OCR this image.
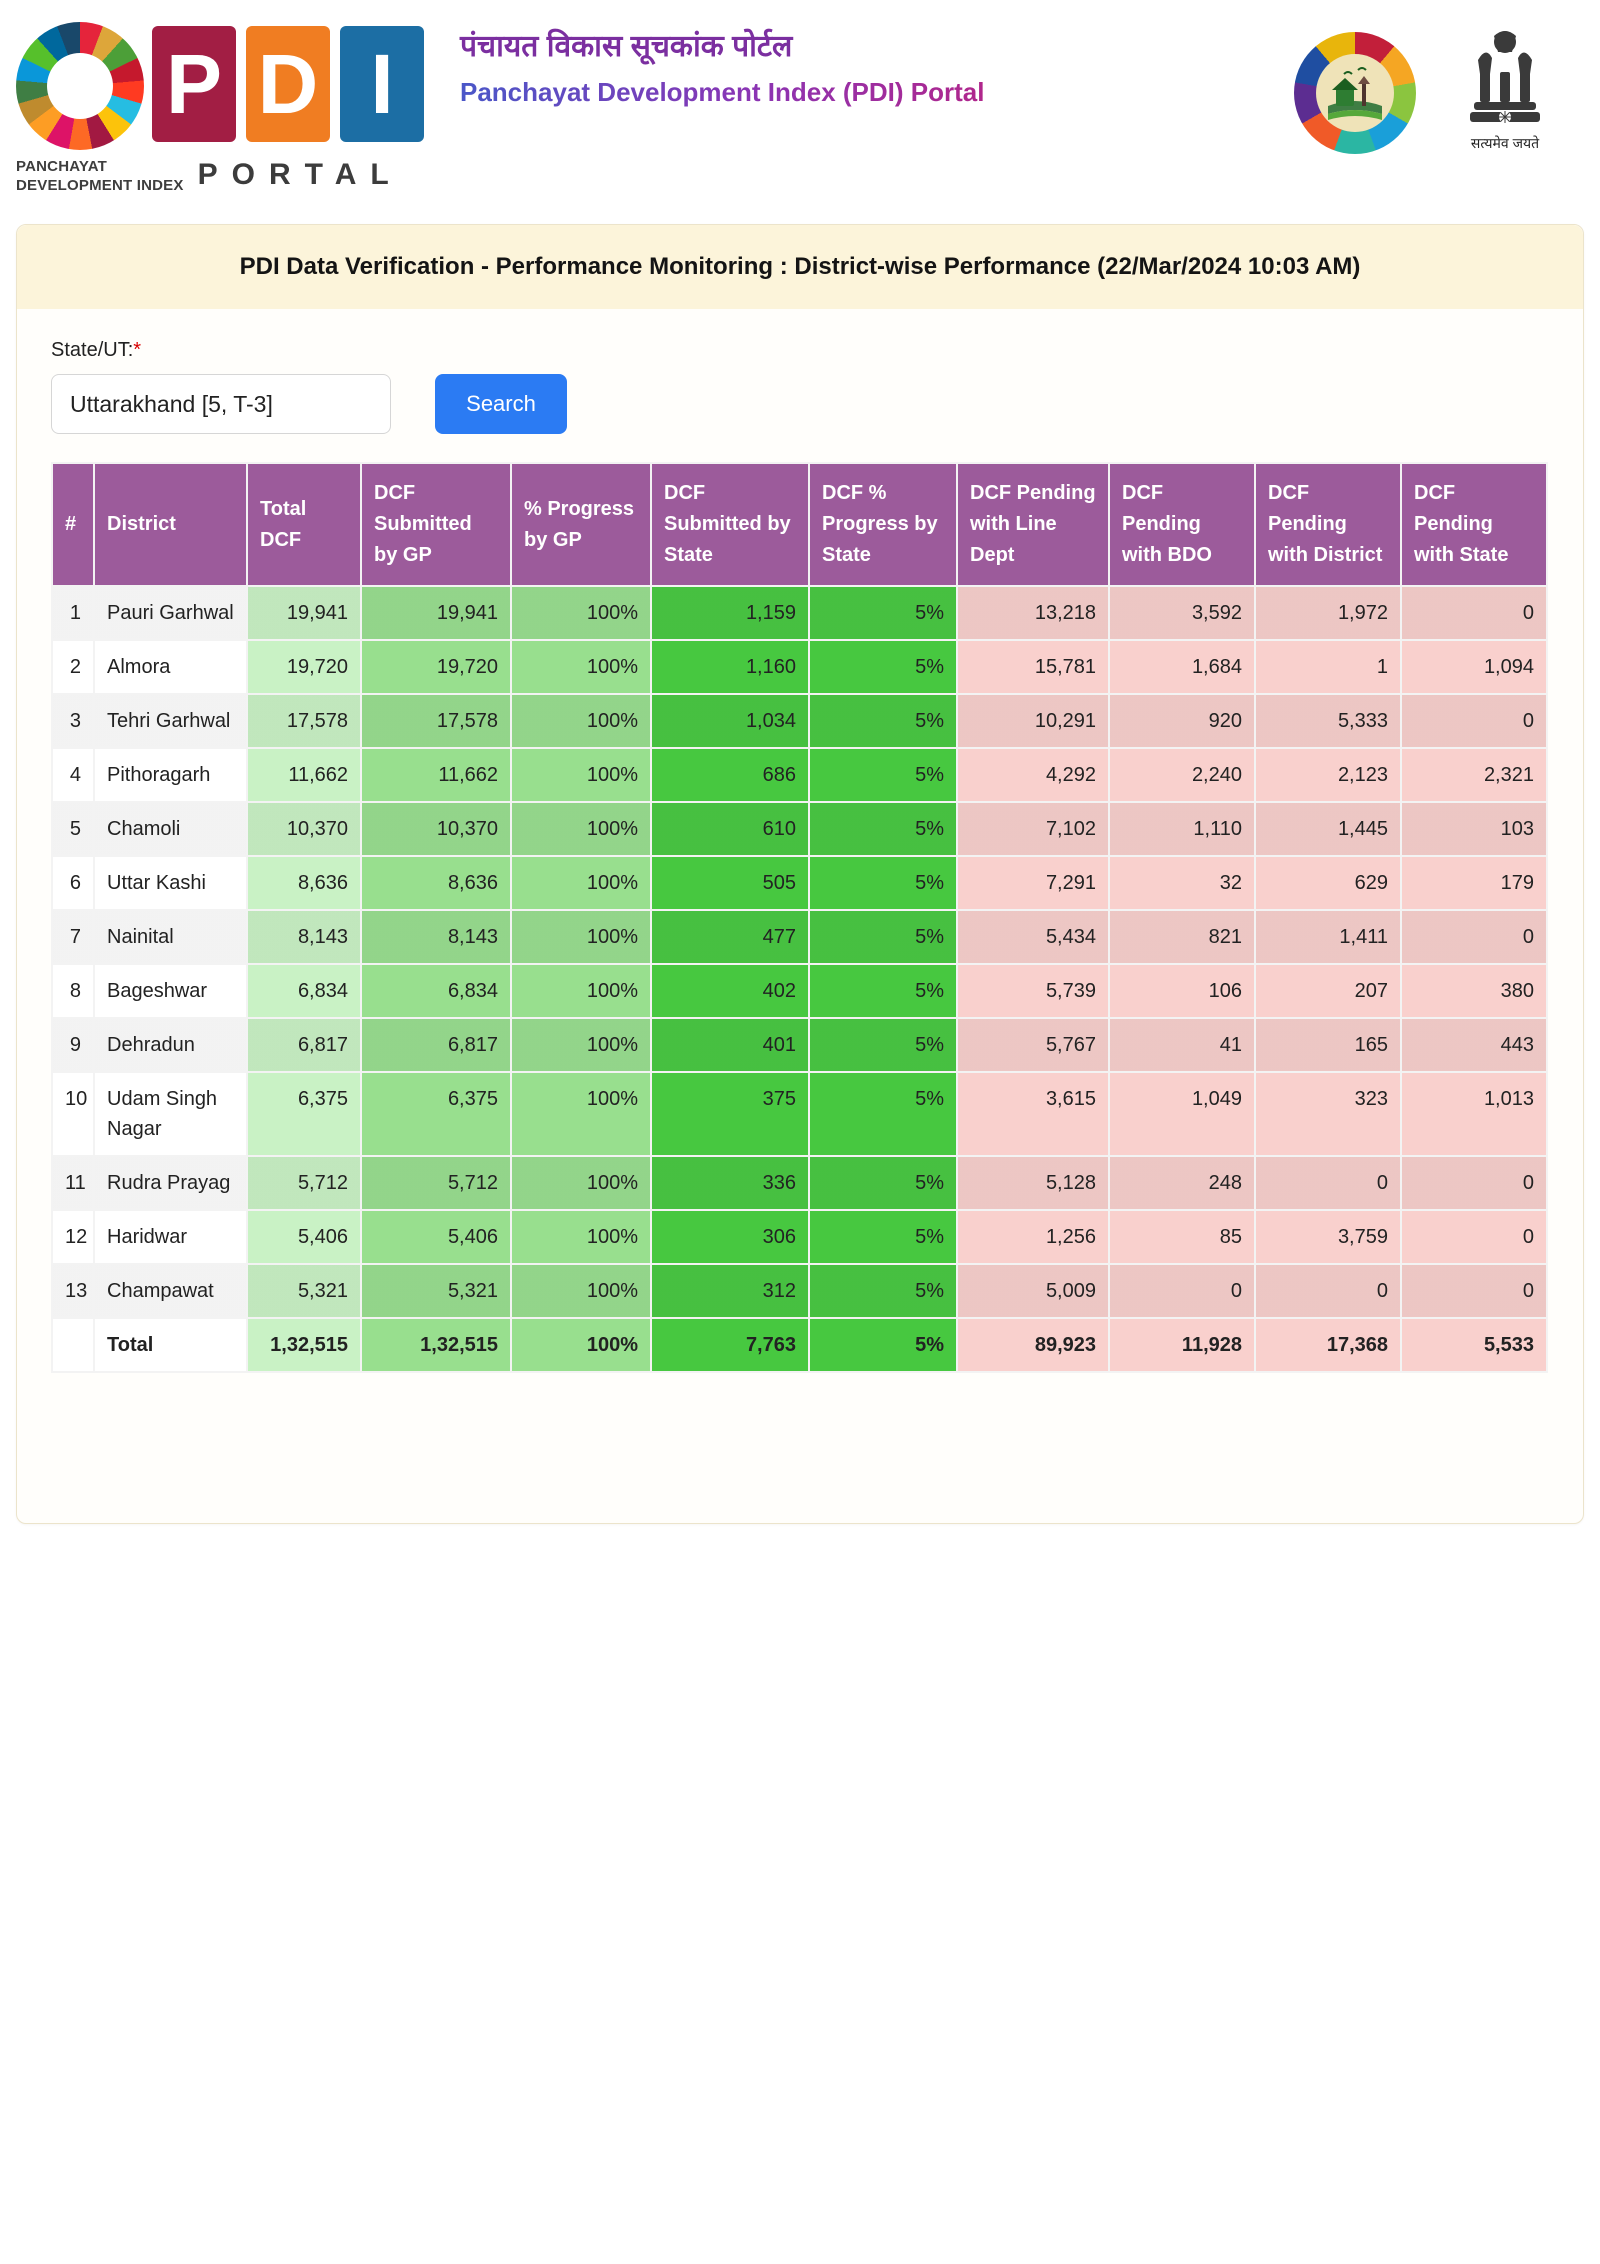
P D I
PANCHAYAT
DEVELOPMENT INDEX PORTAL
पंचायत विकास सूचकांक पोर्टल
Panchayat Development Index (PDI) Portal
सत्यमेव जयते
PDI Data Verification - Performance Monitoring : District-wise Performance (22/Mar/2024 10:03 AM)
State/UT:*
Uttarakhand [5, T-3]
Search
#	District	Total DCF	DCF Submitted by GP	% Progress by GP	DCF Submitted by State	DCF % Progress by State	DCF Pending with Line Dept	DCF Pending with BDO	DCF Pending with District	DCF Pending with State
1	Pauri Garhwal	19,941	19,941	100%	1,159	5%	13,218	3,592	1,972	0
2	Almora	19,720	19,720	100%	1,160	5%	15,781	1,684	1	1,094
3	Tehri Garhwal	17,578	17,578	100%	1,034	5%	10,291	920	5,333	0
4	Pithoragarh	11,662	11,662	100%	686	5%	4,292	2,240	2,123	2,321
5	Chamoli	10,370	10,370	100%	610	5%	7,102	1,110	1,445	103
6	Uttar Kashi	8,636	8,636	100%	505	5%	7,291	32	629	179
7	Nainital	8,143	8,143	100%	477	5%	5,434	821	1,411	0
8	Bageshwar	6,834	6,834	100%	402	5%	5,739	106	207	380
9	Dehradun	6,817	6,817	100%	401	5%	5,767	41	165	443
10	Udam Singh Nagar	6,375	6,375	100%	375	5%	3,615	1,049	323	1,013
11	Rudra Prayag	5,712	5,712	100%	336	5%	5,128	248	0	0
12	Haridwar	5,406	5,406	100%	306	5%	1,256	85	3,759	0
13	Champawat	5,321	5,321	100%	312	5%	5,009	0	0	0
	Total	1,32,515	1,32,515	100%	7,763	5%	89,923	11,928	17,368	5,533
